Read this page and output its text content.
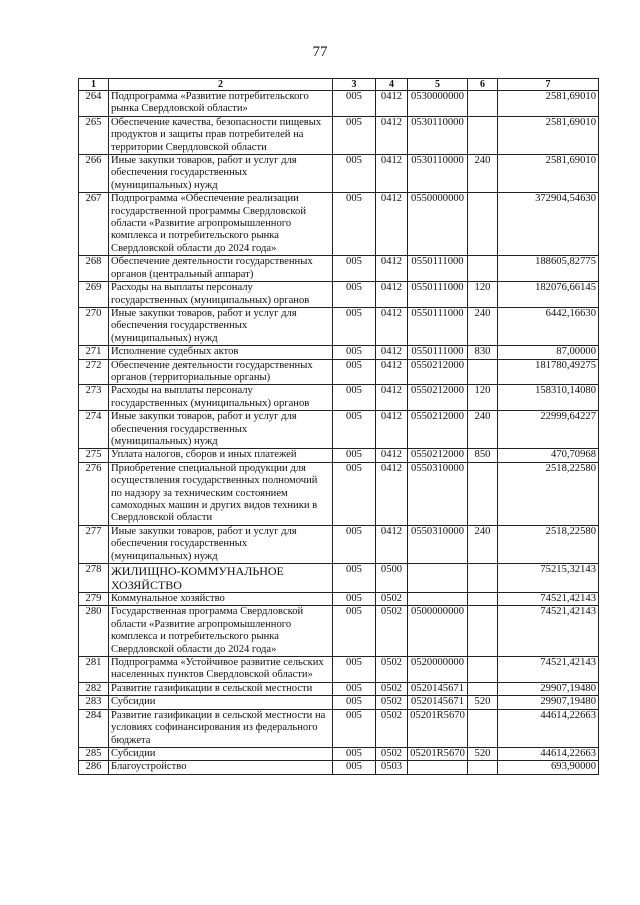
77
1	2	3	4	5	6	7
264	Подпрограмма «Развитие потребительского рынка Свердловской области»	005	0412	0530000000		2581,69010
265	Обеспечение качества, безопасности пищевых продуктов и защиты прав потребителей на территории Свердловской области	005	0412	0530110000		2581,69010
266	Иные закупки товаров, работ и услуг для обеспечения государственных (муниципальных) нужд	005	0412	0530110000	240	2581,69010
267	Подпрограмма «Обеспечение реализации государственной программы Свердловской области «Развитие агропромышленного комплекса и потребительского рынка Свердловской области до 2024 года»	005	0412	0550000000		372904,54630
268	Обеспечение деятельности государственных органов (центральный аппарат)	005	0412	0550111000		188605,82775
269	Расходы на выплаты персоналу государственных (муниципальных) органов	005	0412	0550111000	120	182076,66145
270	Иные закупки товаров, работ и услуг для обеспечения государственных (муниципальных) нужд	005	0412	0550111000	240	6442,16630
271	Исполнение судебных актов	005	0412	0550111000	830	87,00000
272	Обеспечение деятельности государственных органов (территориальные органы)	005	0412	0550212000		181780,49275
273	Расходы на выплаты персоналу государственных (муниципальных) органов	005	0412	0550212000	120	158310,14080
274	Иные закупки товаров, работ и услуг для обеспечения государственных (муниципальных) нужд	005	0412	0550212000	240	22999,64227
275	Уплата налогов, сборов и иных платежей	005	0412	0550212000	850	470,70968
276	Приобретение специальной продукции для осуществления государственных полномочий по надзору за техническим состоянием самоходных машин и других видов техники в Свердловской области	005	0412	0550310000		2518,22580
277	Иные закупки товаров, работ и услуг для обеспечения государственных (муниципальных) нужд	005	0412	0550310000	240	2518,22580
278	ЖИЛИЩНО-КОММУНАЛЬНОЕ ХОЗЯЙСТВО	005	0500			75215,32143
279	Коммунальное хозяйство	005	0502			74521,42143
280	Государственная программа Свердловской области «Развитие агропромышленного комплекса и потребительского рынка Свердловской области до 2024 года»	005	0502	0500000000		74521,42143
281	Подпрограмма «Устойчивое развитие сельских населенных пунктов Свердловской области»	005	0502	0520000000		74521,42143
282	Развитие газификации в сельской местности	005	0502	0520145671		29907,19480
283	Субсидии	005	0502	0520145671	520	29907,19480
284	Развитие газификации в сельской местности на условиях софинансирования из федерального бюджета	005	0502	05201R5670		44614,22663
285	Субсидии	005	0502	05201R5670	520	44614,22663
286	Благоустройство	005	0503			693,90000
